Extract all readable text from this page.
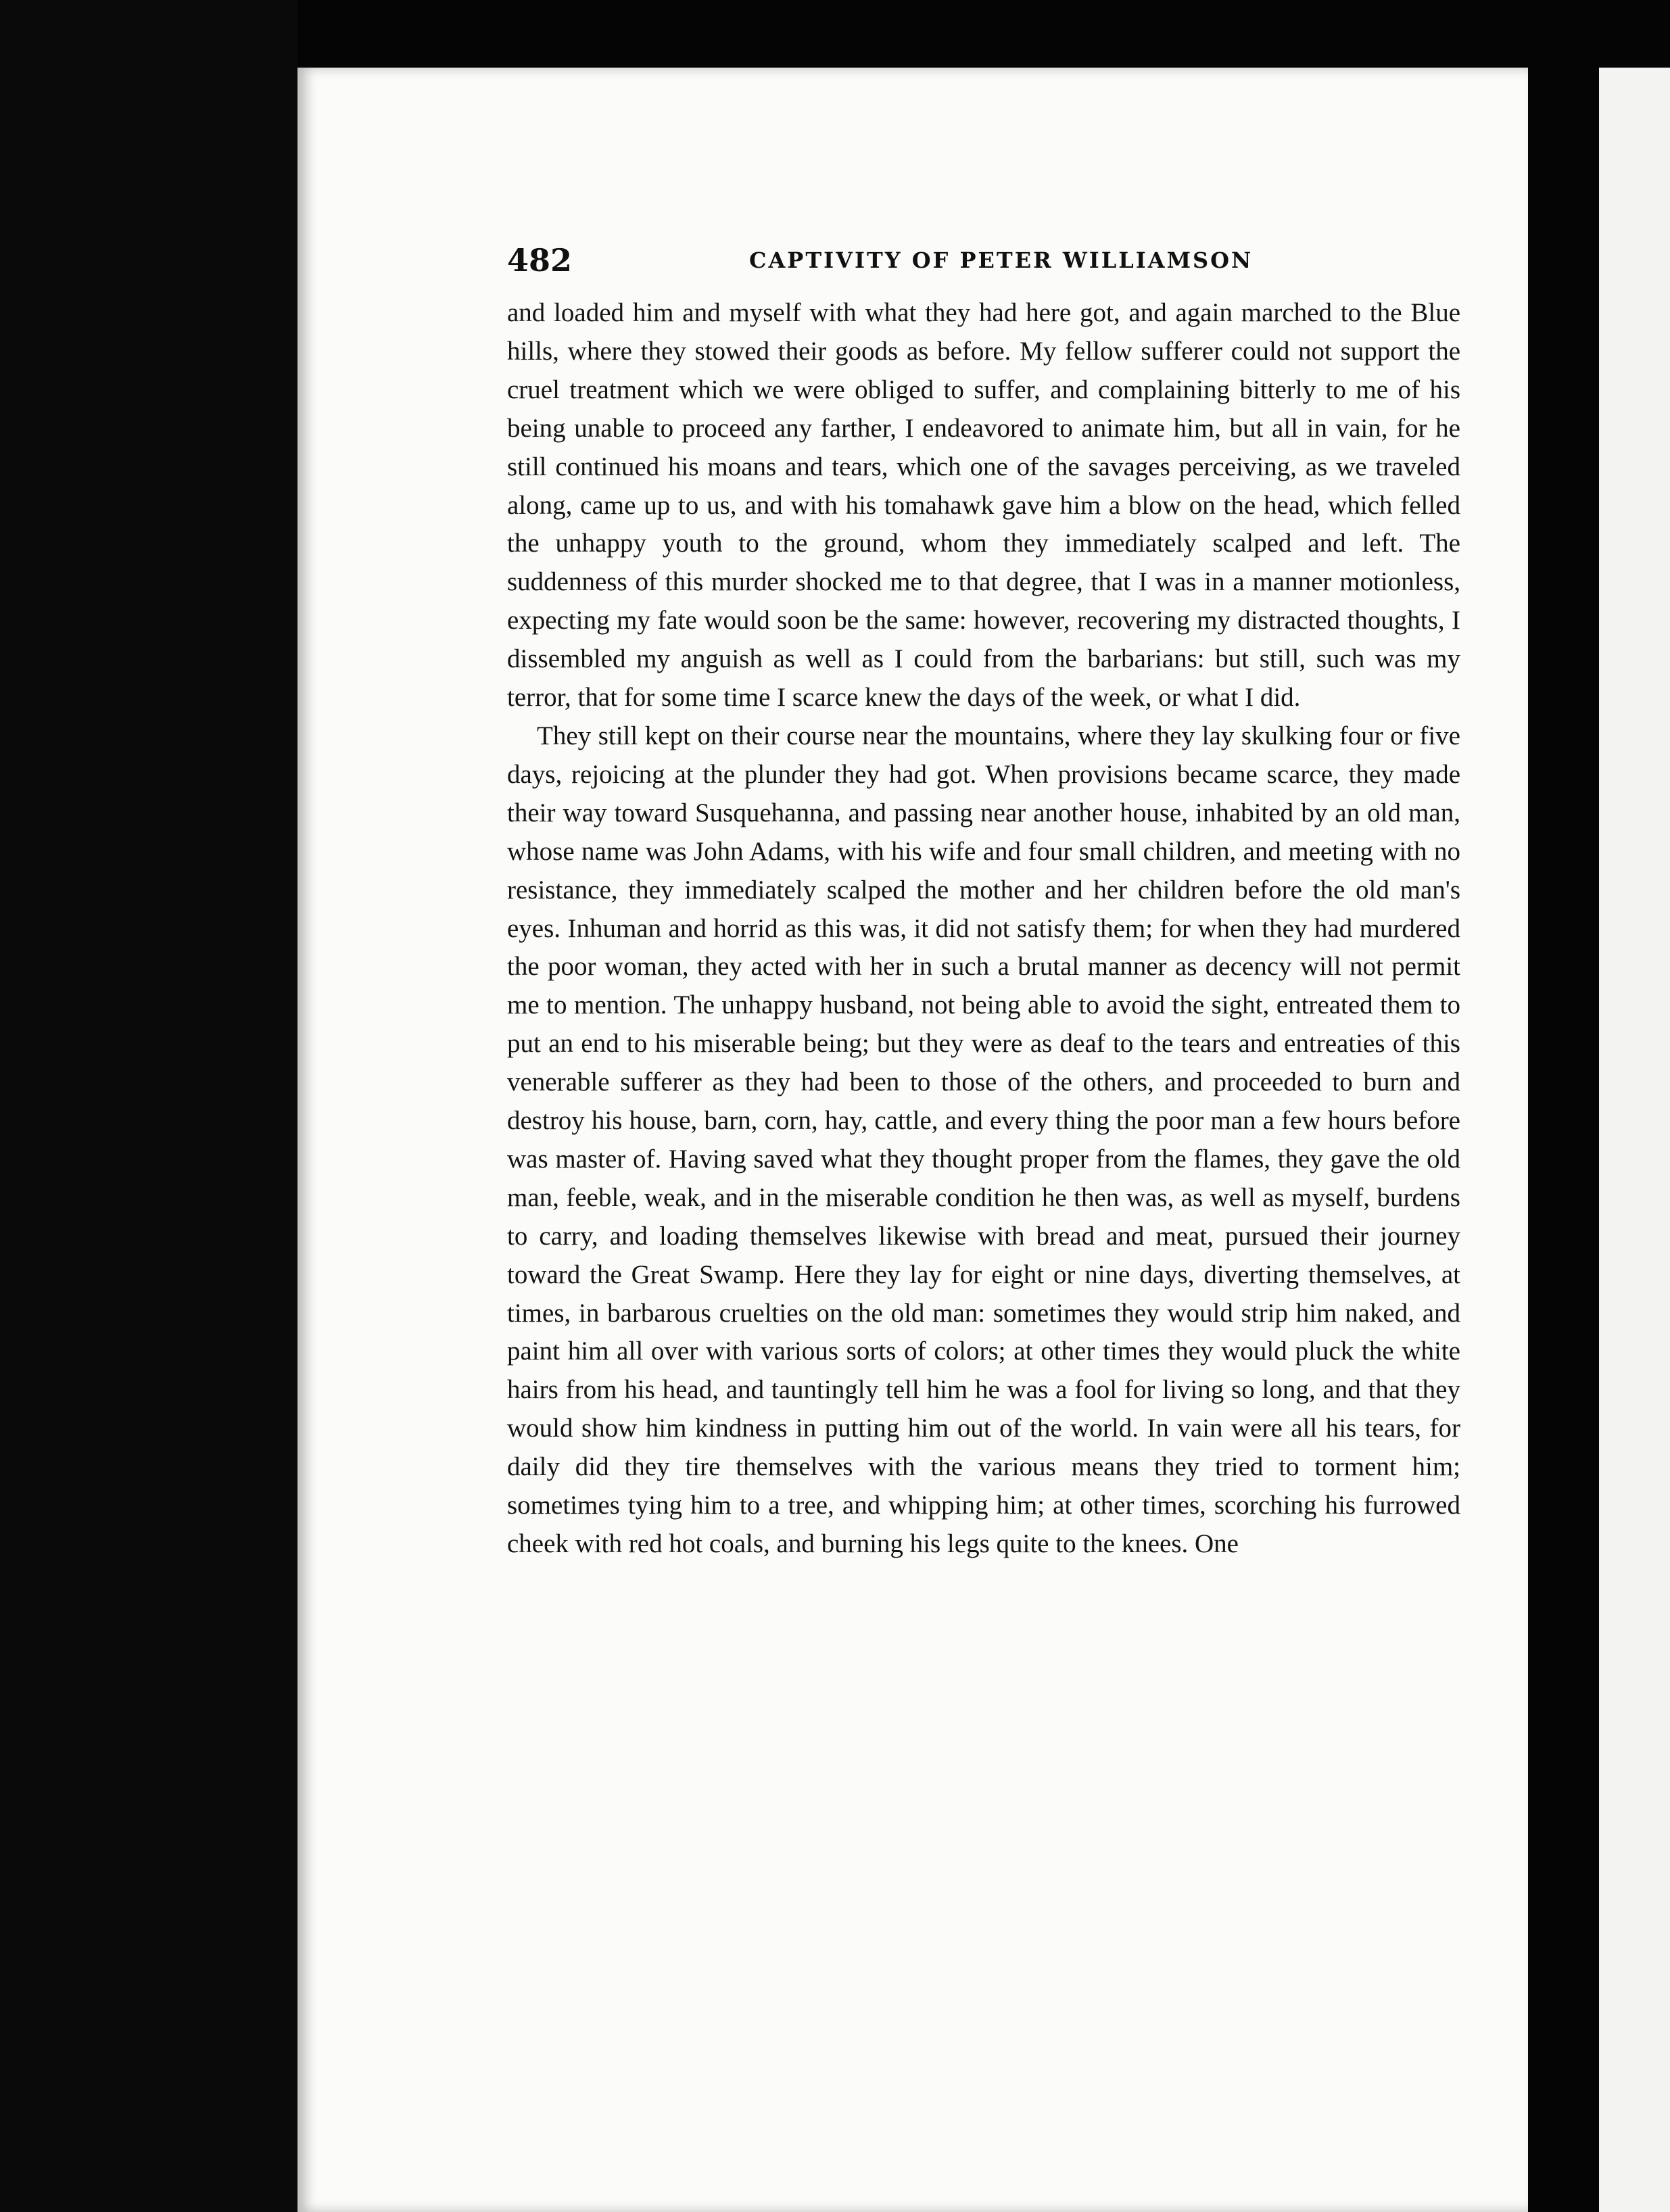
482	CAPTIVITY OF PETER WILLIAMSON

and loaded him and myself with what they had here got, and again marched to the Blue hills, where they stowed their goods as before. My fellow sufferer could not support the cruel treatment which we were obliged to suffer, and complaining bitterly to me of his being unable to proceed any farther, I endeavored to animate him, but all in vain, for he still continued his moans and tears, which one of the savages perceiving, as we traveled along, came up to us, and with his tomahawk gave him a blow on the head, which felled the unhappy youth to the ground, whom they immediately scalped and left. The suddenness of this murder shocked me to that degree, that I was in a manner motionless, expecting my fate would soon be the same: however, recovering my distracted thoughts, I dissembled my anguish as well as I could from the barbarians: but still, such was my terror, that for some time I scarce knew the days of the week, or what I did.

They still kept on their course near the mountains, where they lay skulking four or five days, rejoicing at the plunder they had got. When provisions became scarce, they made their way toward Susquehanna, and passing near another house, inhabited by an old man, whose name was John Adams, with his wife and four small children, and meeting with no resistance, they immediately scalped the mother and her children before the old man's eyes. Inhuman and horrid as this was, it did not satisfy them; for when they had murdered the poor woman, they acted with her in such a brutal manner as decency will not permit me to mention. The unhappy husband, not being able to avoid the sight, entreated them to put an end to his miserable being; but they were as deaf to the tears and entreaties of this venerable sufferer as they had been to those of the others, and proceeded to burn and destroy his house, barn, corn, hay, cattle, and every thing the poor man a few hours before was master of. Having saved what they thought proper from the flames, they gave the old man, feeble, weak, and in the miserable condition he then was, as well as myself, burdens to carry, and loading themselves likewise with bread and meat, pursued their journey toward the Great Swamp. Here they lay for eight or nine days, diverting themselves, at times, in barbarous cruelties on the old man: sometimes they would strip him naked, and paint him all over with various sorts of colors; at other times they would pluck the white hairs from his head, and tauntingly tell him he was a fool for living so long, and that they would show him kindness in putting him out of the world. In vain were all his tears, for daily did they tire themselves with the various means they tried to torment him; sometimes tying him to a tree, and whipping him; at other times, scorching his furrowed cheek with red hot coals, and burning his legs quite to the knees. One
